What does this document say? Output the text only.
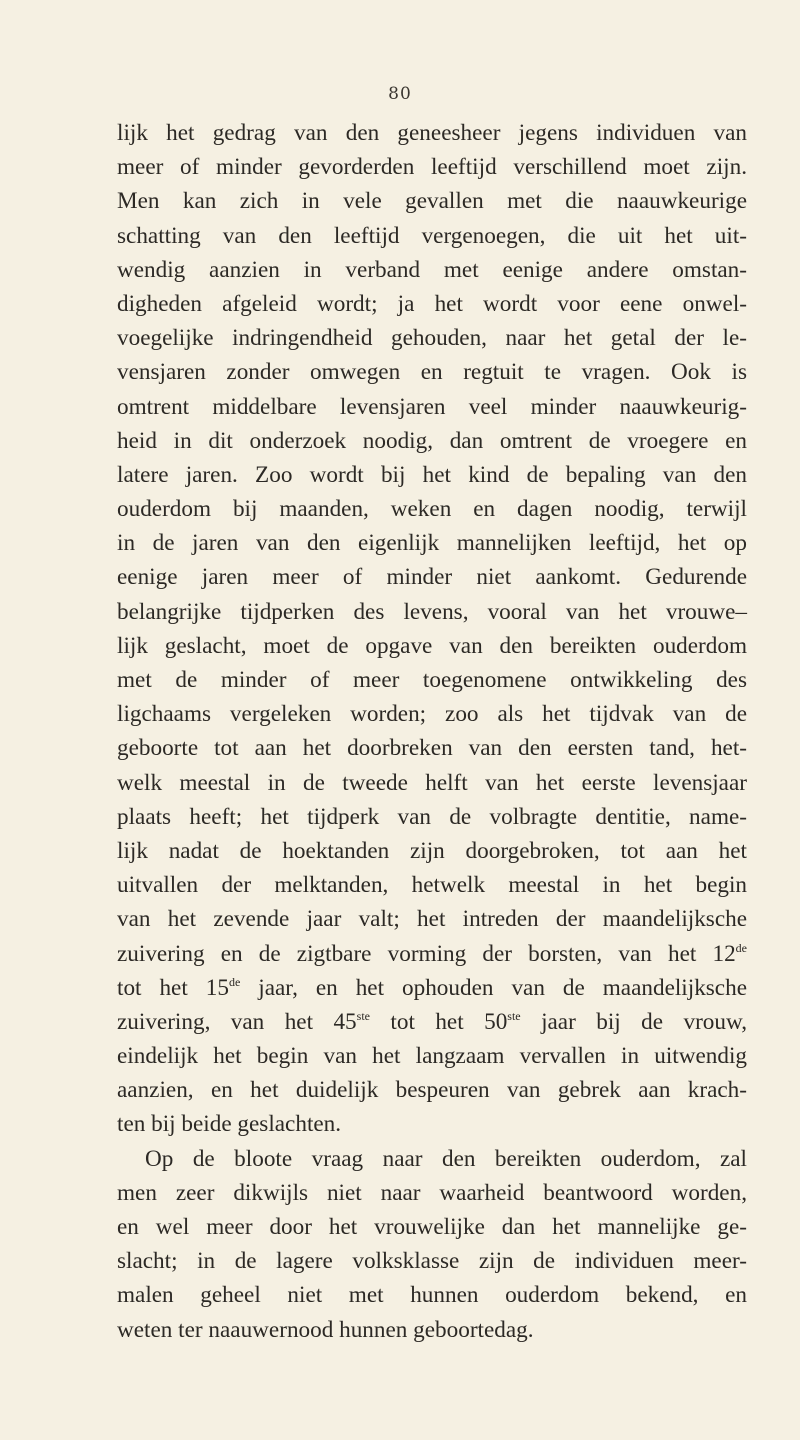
80
lijk het gedrag van den geneesheer jegens individuen van
meer of minder gevorderden leeftijd verschillend moet zijn.
Men kan zich in vele gevallen met die naauwkeurige
schatting van den leeftijd vergenoegen, die uit het uit-
wendig aanzien in verband met eenige andere omstan-
digheden afgeleid wordt; ja het wordt voor eene onwel-
voegelijke indringendheid gehouden, naar het getal der le-
vensjaren zonder omwegen en regtuit te vragen. Ook is
omtrent middelbare levensjaren veel minder naauwkeurig-
heid in dit onderzoek noodig, dan omtrent de vroegere en
latere jaren. Zoo wordt bij het kind de bepaling van den
ouderdom bij maanden, weken en dagen noodig, terwijl
in de jaren van den eigenlijk mannelijken leeftijd, het op
eenige jaren meer of minder niet aankomt. Gedurende
belangrijke tijdperken des levens, vooral van het vrouwe–
lijk geslacht, moet de opgave van den bereikten ouderdom
met de minder of meer toegenomene ontwikkeling des
ligchaams vergeleken worden; zoo als het tijdvak van de
geboorte tot aan het doorbreken van den eersten tand, het-
welk meestal in de tweede helft van het eerste levensjaar
plaats heeft; het tijdperk van de volbragte dentitie, name-
lijk nadat de hoektanden zijn doorgebroken, tot aan het
uitvallen der melktanden, hetwelk meestal in het begin
van het zevende jaar valt; het intreden der maandelijksche
zuivering en de zigtbare vorming der borsten, van het 12de
tot het 15de jaar, en het ophouden van de maandelijksche
zuivering, van het 45ste tot het 50ste jaar bij de vrouw,
eindelijk het begin van het langzaam vervallen in uitwendig
aanzien, en het duidelijk bespeuren van gebrek aan krach-
ten bij beide geslachten.
Op de bloote vraag naar den bereikten ouderdom, zal
men zeer dikwijls niet naar waarheid beantwoord worden,
en wel meer door het vrouwelijke dan het mannelijke ge-
slacht; in de lagere volksklasse zijn de individuen meer-
malen geheel niet met hunnen ouderdom bekend, en
weten ter naauwernood hunnen geboortedag.
